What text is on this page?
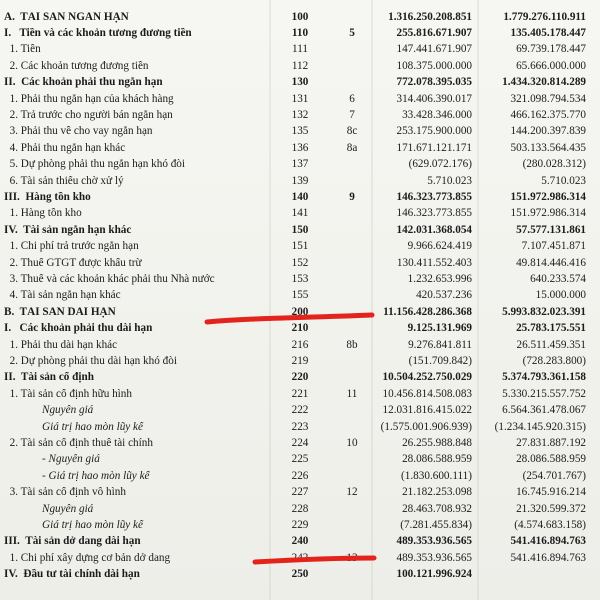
A.  TÀI SẢN NGẮN HẠN	100	1.316.250.208.851	1.779.276.110.911
I.   Tiền và các khoản tương đương tiền	110	5	255.816.671.907	135.405.178.447
1. Tiền	111	147.441.671.907	69.739.178.447
2. Các khoản tương đương tiền	112	108.375.000.000	65.666.000.000
II.  Các khoản phải thu ngắn hạn	130	772.078.395.035	1.434.320.814.289
1. Phải thu ngắn hạn của khách hàng	131	6	314.406.390.017	321.098.794.534
2. Trả trước cho người bán ngắn hạn	132	7	33.428.346.000	466.162.375.770
3. Phải thu về cho vay ngắn hạn	135	8c	253.175.900.000	144.200.397.839
4. Phải thu ngắn hạn khác	136	8a	171.671.121.171	503.133.564.435
5. Dự phòng phải thu ngắn hạn khó đòi	137	(629.072.176)	(280.028.312)
6. Tài sản thiếu chờ xử lý	139	5.710.023	5.710.023
III.  Hàng tồn kho	140	9	146.323.773.855	151.972.986.314
1. Hàng tồn kho	141	146.323.773.855	151.972.986.314
IV.  Tài sản ngắn hạn khác	150	142.031.368.054	57.577.131.861
1. Chi phí trả trước ngắn hạn	151	9.966.624.419	7.107.451.871
2. Thuế GTGT được khấu trừ	152	130.411.552.403	49.814.446.416
3. Thuế và các khoản khác phải thu Nhà nước	153	1.232.653.996	640.233.574
4. Tài sản ngắn hạn khác	155	420.537.236	15.000.000
B.  TÀI SẢN DÀI HẠN	200	11.156.428.286.368	5.993.832.023.391
I.   Các khoản phải thu dài hạn	210	9.125.131.969	25.783.175.551
1. Phải thu dài hạn khác	216	8b	9.276.841.811	26.511.459.351
2. Dự phòng phải thu dài hạn khó đòi	219	(151.709.842)	(728.283.800)
II.  Tài sản cố định	220	10.504.252.750.029	5.374.793.361.158
1. Tài sản cố định hữu hình	221	11	10.456.814.508.083	5.330.215.557.752
Nguyên giá	222	12.031.816.415.022	6.564.361.478.067
Giá trị hao mòn lũy kế	223	(1.575.001.906.939)	(1.234.145.920.315)
2. Tài sản cố định thuê tài chính	224	10	26.255.988.848	27.831.887.192
- Nguyên giá	225	28.086.588.959	28.086.588.959
- Giá trị hao mòn lũy kế	226	(1.830.600.111)	(254.701.767)
3. Tài sản cố định vô hình	227	12	21.182.253.098	16.745.916.214
Nguyên giá	228	28.463.708.932	21.320.599.372
Giá trị hao mòn lũy kế	229	(7.281.455.834)	(4.574.683.158)
III.  Tài sản dở dang dài hạn	240	489.353.936.565	541.416.894.763
1. Chi phí xây dựng cơ bản dở dang	242	13	489.353.936.565	541.416.894.763
IV.  Đầu tư tài chính dài hạn	250	100.121.996.924
